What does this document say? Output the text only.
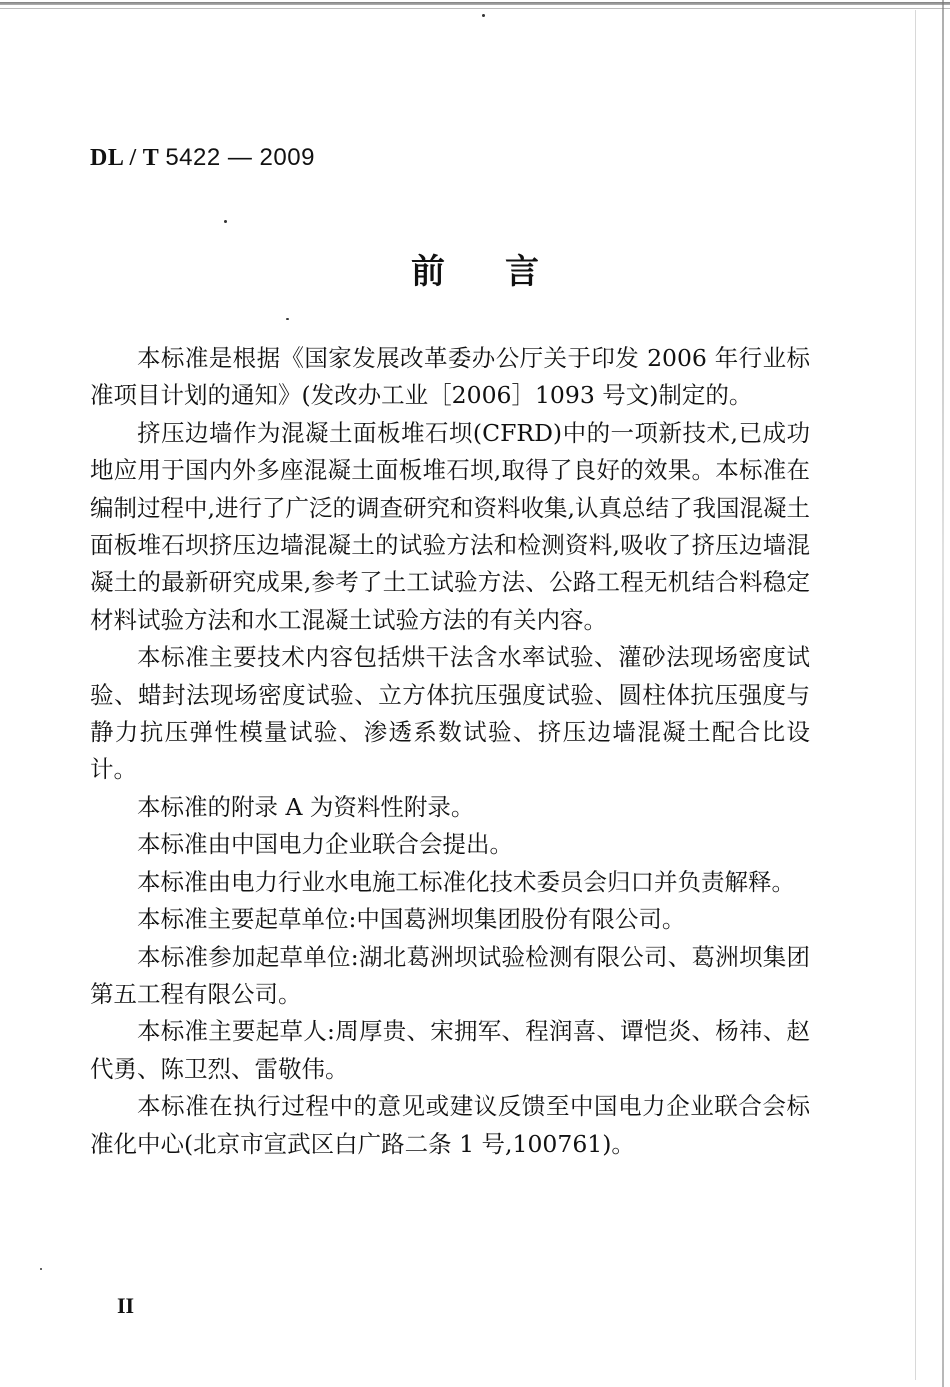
DL / T 5422 — 2009
前言

本标准是根据《国家发展改革委办公厅关于印发 2006 年行业标准项目计划的通知》(发改办工业［2006］1093 号文)制定的。

挤压边墙作为混凝土面板堆石坝(CFRD)中的一项新技术,已成功地应用于国内外多座混凝土面板堆石坝,取得了良好的效果。本标准在编制过程中,进行了广泛的调查研究和资料收集,认真总结了我国混凝土面板堆石坝挤压边墙混凝土的试验方法和检测资料,吸收了挤压边墙混凝土的最新研究成果,参考了土工试验方法、公路工程无机结合料稳定材料试验方法和水工混凝土试验方法的有关内容。

本标准主要技术内容包括烘干法含水率试验、灌砂法现场密度试验、蜡封法现场密度试验、立方体抗压强度试验、圆柱体抗压强度与静力抗压弹性模量试验、渗透系数试验、挤压边墙混凝土配合比设计。

本标准的附录 A 为资料性附录。

本标准由中国电力企业联合会提出。

本标准由电力行业水电施工标准化技术委员会归口并负责解释。

本标准主要起草单位:中国葛洲坝集团股份有限公司。

本标准参加起草单位:湖北葛洲坝试验检测有限公司、葛洲坝集团第五工程有限公司。

本标准主要起草人:周厚贵、宋拥军、程润喜、谭恺炎、杨祎、赵代勇、陈卫烈、雷敬伟。

本标准在执行过程中的意见或建议反馈至中国电力企业联合会标准化中心(北京市宣武区白广路二条 1 号,100761)。

II
